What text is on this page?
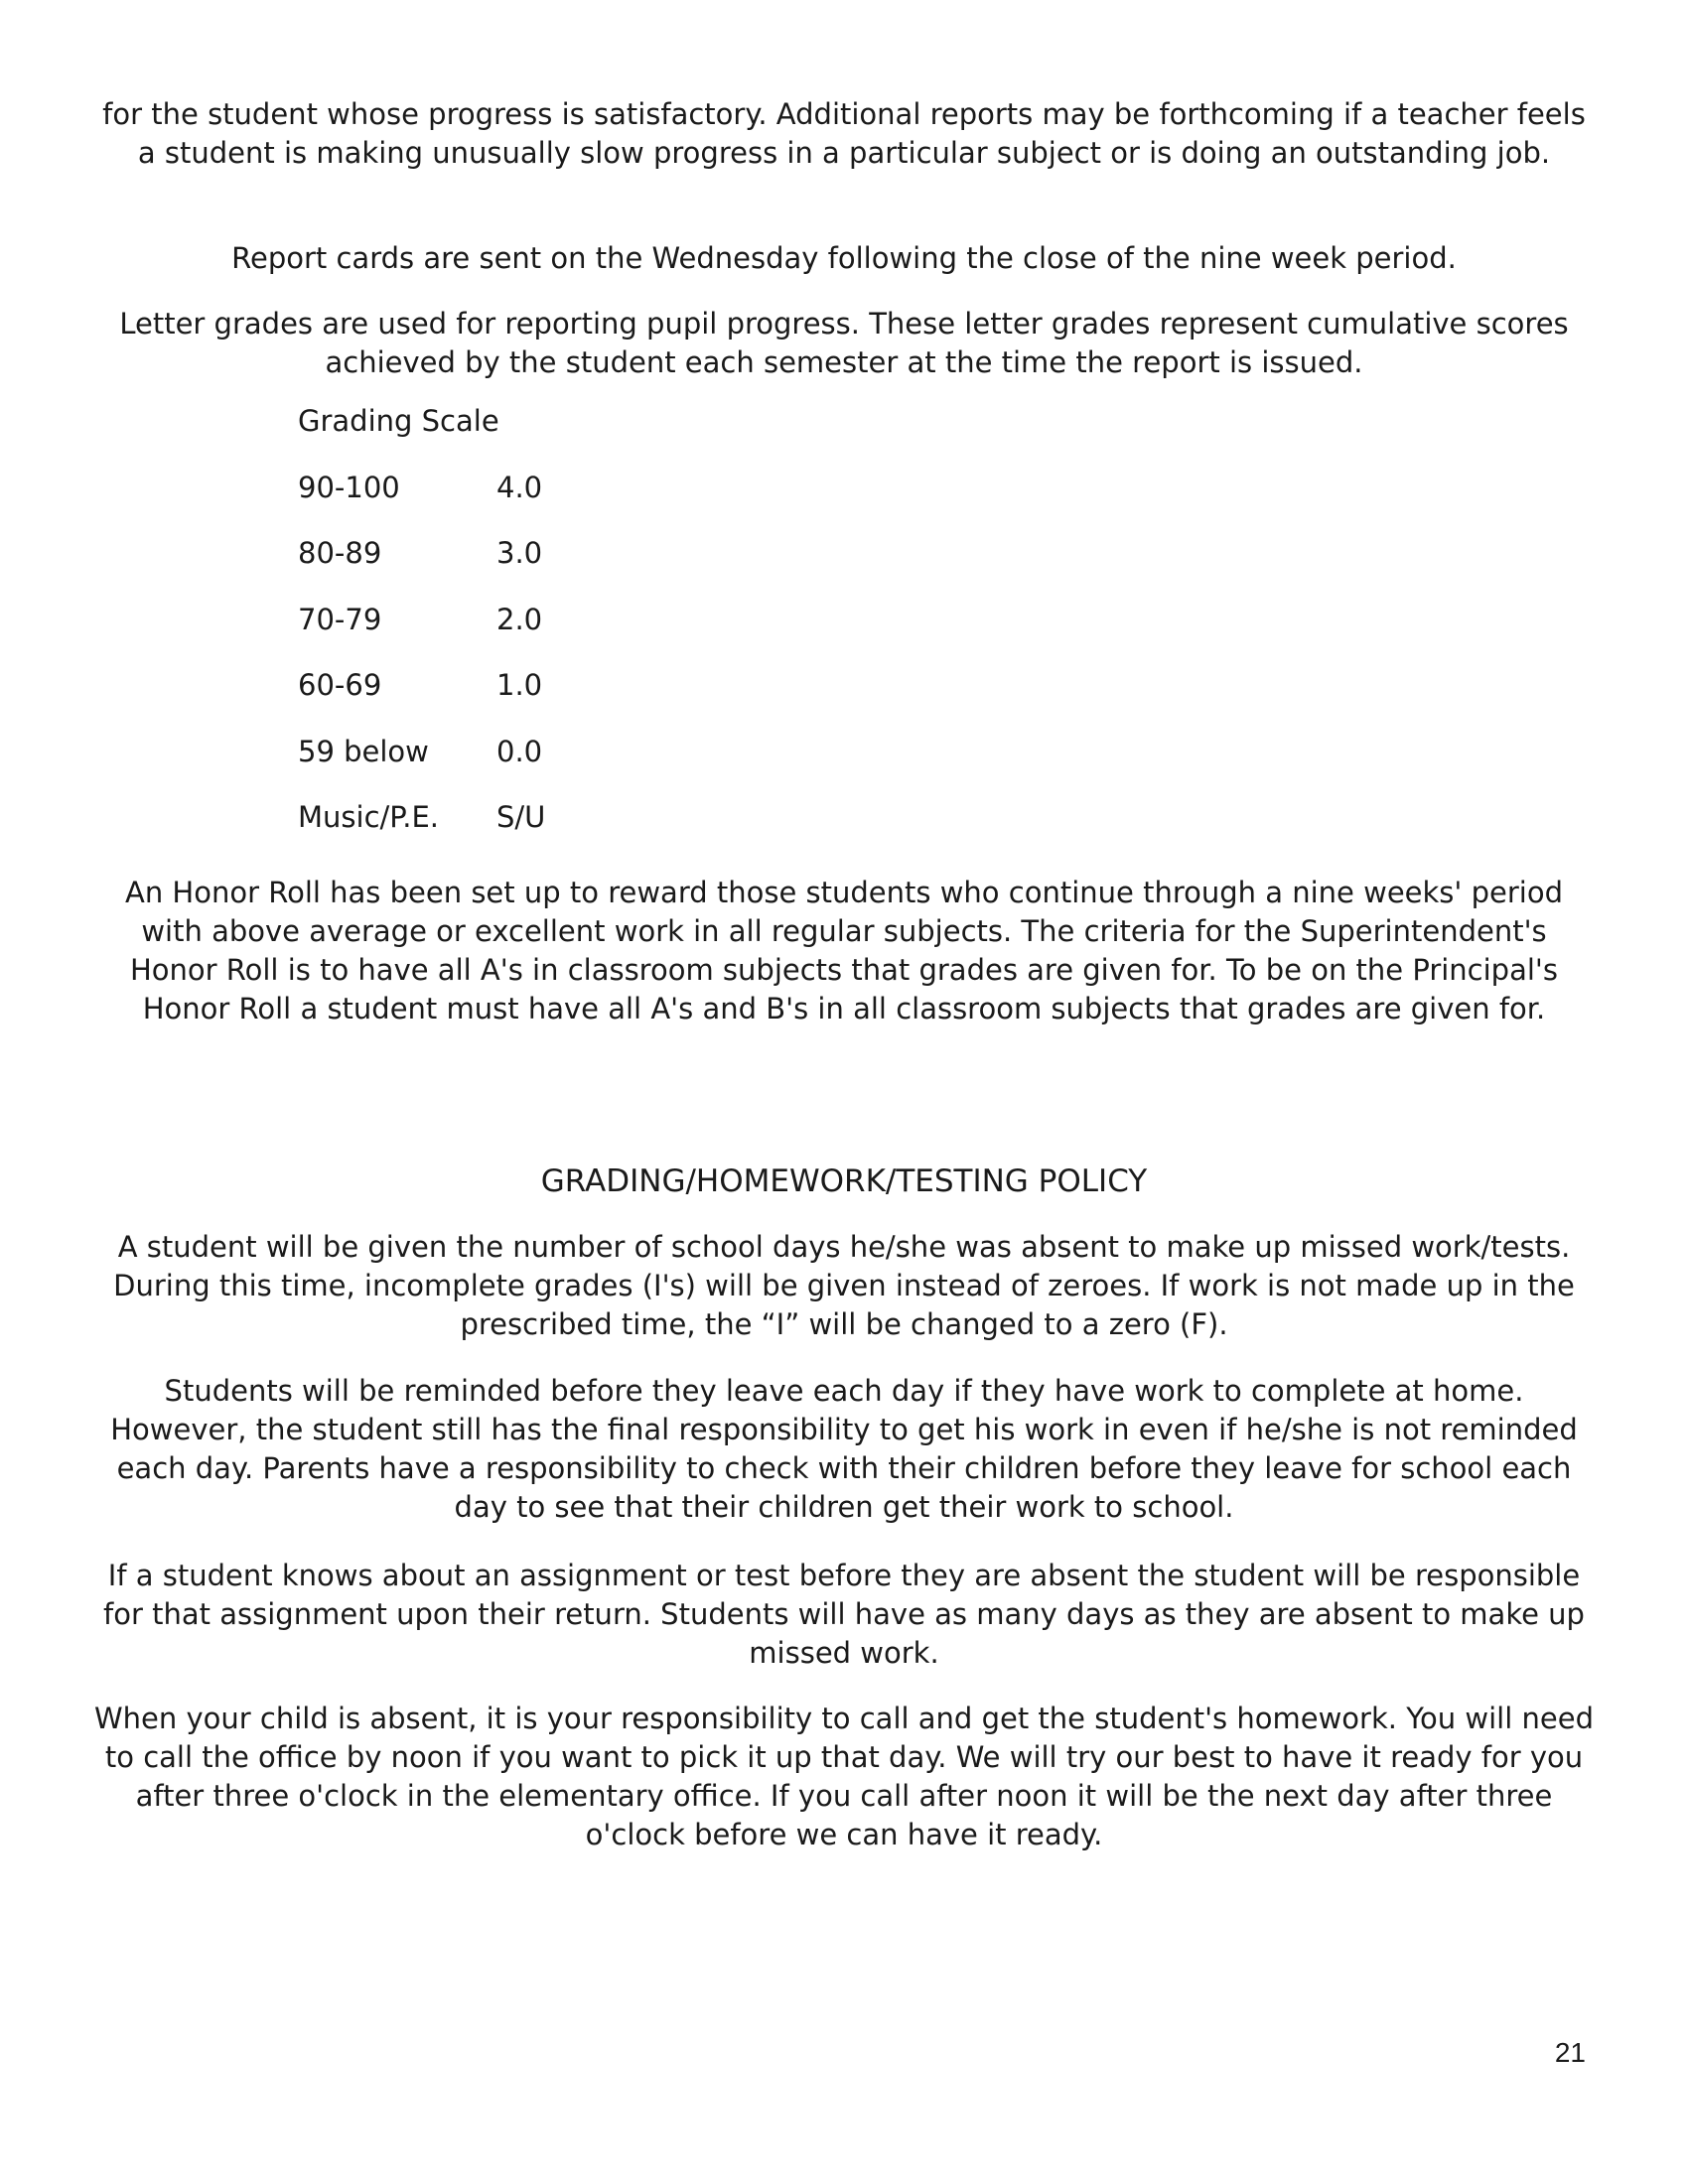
for the student whose progress is satisfactory. Additional reports may be forthcoming if a teacher feels a student is making unusually slow progress in a particular subject or is doing an outstanding job.

Report cards are sent on the Wednesday following the close of the nine week period.

Letter grades are used for reporting pupil progress. These letter grades represent cumulative scores achieved by the student each semester at the time the report is issued.

Grading Scale

90-100	4.0
80-89	3.0
70-79	2.0
60-69	1.0
59 below	0.0
Music/P.E.	S/U

An Honor Roll has been set up to reward those students who continue through a nine weeks' period with above average or excellent work in all regular subjects. The criteria for the Superintendent's Honor Roll is to have all A's in classroom subjects that grades are given for. To be on the Principal's Honor Roll a student must have all A's and B's in all classroom subjects that grades are given for.

GRADING/HOMEWORK/TESTING POLICY

A student will be given the number of school days he/she was absent to make up missed work/tests. During this time, incomplete grades (I's) will be given instead of zeroes. If work is not made up in the prescribed time, the “I” will be changed to a zero (F).

Students will be reminded before they leave each day if they have work to complete at home. However, the student still has the final responsibility to get his work in even if he/she is not reminded each day. Parents have a responsibility to check with their children before they leave for school each day to see that their children get their work to school.

If a student knows about an assignment or test before they are absent the student will be responsible for that assignment upon their return. Students will have as many days as they are absent to make up missed work.

When your child is absent, it is your responsibility to call and get the student's homework. You will need to call the office by noon if you want to pick it up that day. We will try our best to have it ready for you after three o'clock in the elementary office. If you call after noon it will be the next day after three o'clock before we can have it ready.

21
